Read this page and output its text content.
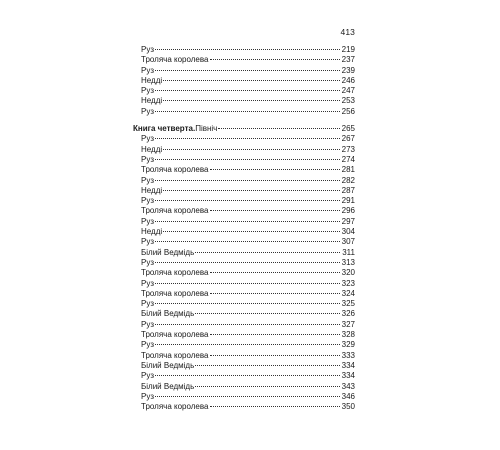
413
Руз	219
Троляча королева	237
Руз	239
Недді	246
Руз	247
Недді	253
Руз	256
Книга четверта. Північ	265
Руз	267
Недді	273
Руз	274
Троляча королева	281
Руз	282
Недді	287
Руз	291
Троляча королева	296
Руз	297
Недді	304
Руз	307
Білий Ведмідь	311
Руз	313
Троляча королева	320
Руз	323
Троляча королева	324
Руз	325
Білий Ведмідь	326
Руз	327
Троляча королева	328
Руз	329
Троляча королева	333
Білий Ведмідь	334
Руз	334
Білий Ведмідь	343
Руз	346
Троляча королева	350
